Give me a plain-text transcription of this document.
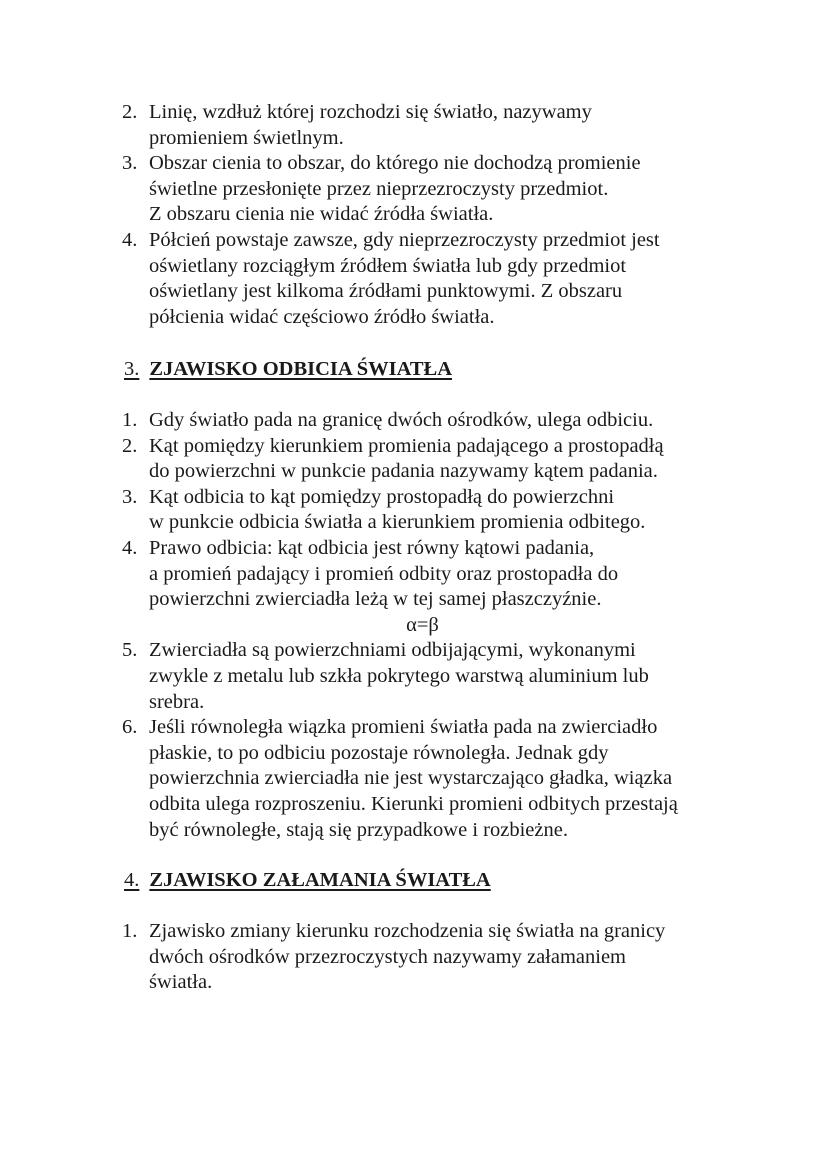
2. Linię, wzdłuż której rozchodzi się światło, nazywamy
promieniem świetlnym.
3. Obszar cienia to obszar, do którego nie dochodzą promienie
świetlne przesłonięte przez nieprzezroczysty przedmiot.
Z obszaru cienia nie widać źródła światła.
4. Półcień powstaje zawsze, gdy nieprzezroczysty przedmiot jest
oświetlany rozciągłym źródłem światła lub gdy przedmiot
oświetlany jest kilkoma źródłami punktowymi. Z obszaru
półcienia widać częściowo źródło światła.
3. ZJAWISKO ODBICIA ŚWIATŁA
1. Gdy światło pada na granicę dwóch ośrodków, ulega odbiciu.
2. Kąt pomiędzy kierunkiem promienia padającego a prostopadłą
do powierzchni w punkcie padania nazywamy kątem padania.
3. Kąt odbicia to kąt pomiędzy prostopadłą do powierzchni
w punkcie odbicia światła a kierunkiem promienia odbitego.
4. Prawo odbicia: kąt odbicia jest równy kątowi padania,
a promień padający i promień odbity oraz prostopadła do
powierzchni zwierciadła leżą w tej samej płaszczyźnie.
α=β
5. Zwierciadła są powierzchniami odbijającymi, wykonanymi
zwykle z metalu lub szkła pokrytego warstwą aluminium lub
srebra.
6. Jeśli równoległa wiązka promieni światła pada na zwierciadło
płaskie, to po odbiciu pozostaje równoległa. Jednak gdy
powierzchnia zwierciadła nie jest wystarczająco gładka, wiązka
odbita ulega rozproszeniu. Kierunki promieni odbitych przestają
być równoległe, stają się przypadkowe i rozbieżne.
4. ZJAWISKO ZAŁAMANIA ŚWIATŁA
1. Zjawisko zmiany kierunku rozchodzenia się światła na granicy
dwóch ośrodków przezroczystych nazywamy załamaniem
światła.
